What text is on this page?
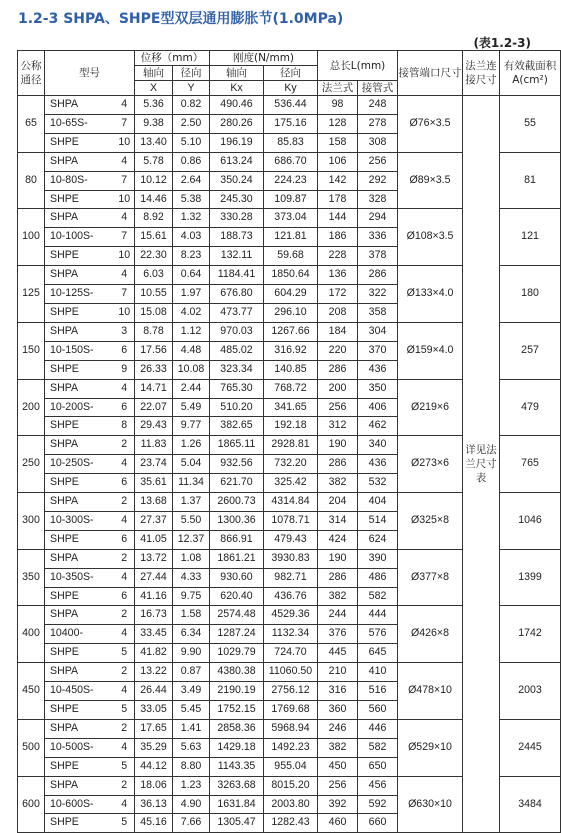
1.2-3 SHPA、SHPE型双层通用膨胀节(1.0MPa)
(表1.2-3)
公称通径	型号		位移（mm）		刚度(N/mm)		总长L(mm)		接管端口尺寸	法兰连接尺寸	有效截面积A(cm²)
			轴向	径向	轴向	径向					
			X	Y	Kx	Ky	法兰式	接管式			
65	SHPA	4	5.36	0.82	490.46	536.44	98	248	Ø76×3.5	详见法兰尺寸表	55
	10-65S-	7	9.38	2.50	280.26	175.16	128	278			
	SHPE	10	13.40	5.10	196.19	85.83	158	308			
80	SHPA	4	5.78	0.86	613.24	686.70	106	256	Ø89×3.5		81
	10-80S-	7	10.12	2.64	350.24	224.23	142	292			
	SHPE	10	14.46	5.38	245.30	109.87	178	328			
100	SHPA	4	8.92	1.32	330.28	373.04	144	294	Ø108×3.5		121
	10-100S-	7	15.61	4.03	188.73	121.81	186	336			
	SHPE	10	22.30	8.23	132.11	59.68	228	378			
125	SHPA	4	6.03	0.64	1184.41	1850.64	136	286	Ø133×4.0		180
	10-125S-	7	10.55	1.97	676.80	604.29	172	322			
	SHPE	10	15.08	4.02	473.77	296.10	208	358			
150	SHPA	3	8.78	1.12	970.03	1267.66	184	304	Ø159×4.0		257
	10-150S-	6	17.56	4.48	485.02	316.92	220	370			
	SHPE	9	26.33	10.08	323.34	140.85	286	436			
200	SHPA	4	14.71	2.44	765.30	768.72	200	350	Ø219×6		479
	10-200S-	6	22.07	5.49	510.20	341.65	256	406			
	SHPE	8	29.43	9.77	382.65	192.18	312	462			
250	SHPA	2	11.83	1.26	1865.11	2928.81	190	340	Ø273×6		765
	10-250S-	4	23.74	5.04	932.56	732.20	286	436			
	SHPE	6	35.61	11.34	621.70	325.42	382	532			
300	SHPA	2	13.68	1.37	2600.73	4314.84	204	404	Ø325×8		1046
	10-300S-	4	27.37	5.50	1300.36	1078.71	314	514			
	SHPE	6	41.05	12.37	866.91	479.43	424	624			
350	SHPA	2	13.72	1.08	1861.21	3930.83	190	390	Ø377×8		1399
	10-350S-	4	27.44	4.33	930.60	982.71	286	486			
	SHPE	6	41.16	9.75	620.40	436.76	382	582			
400	SHPA	2	16.73	1.58	2574.48	4529.36	244	444	Ø426×8		1742
	10400-	4	33.45	6.34	1287.24	1132.34	376	576			
	SHPE	5	41.82	9.90	1029.79	724.70	445	645			
450	SHPA	2	13.22	0.87	4380.38	11060.50	210	410	Ø478×10		2003
	10-450S-	4	26.44	3.49	2190.19	2756.12	316	516			
	SHPE	5	33.05	5.45	1752.15	1769.68	360	560			
500	SHPA	2	17.65	1.41	2858.36	5968.94	246	446	Ø529×10		2445
	10-500S-	4	35.29	5.63	1429.18	1492.23	382	582			
	SHPE	5	44.12	8.80	1143.35	955.04	450	650			
600	SHPA	2	18.06	1.23	3263.68	8015.20	256	456	Ø630×10		3484
	10-600S-	4	36.13	4.90	1631.84	2003.80	392	592			
	SHPE	5	45.16	7.66	1305.47	1282.43	460	660			
